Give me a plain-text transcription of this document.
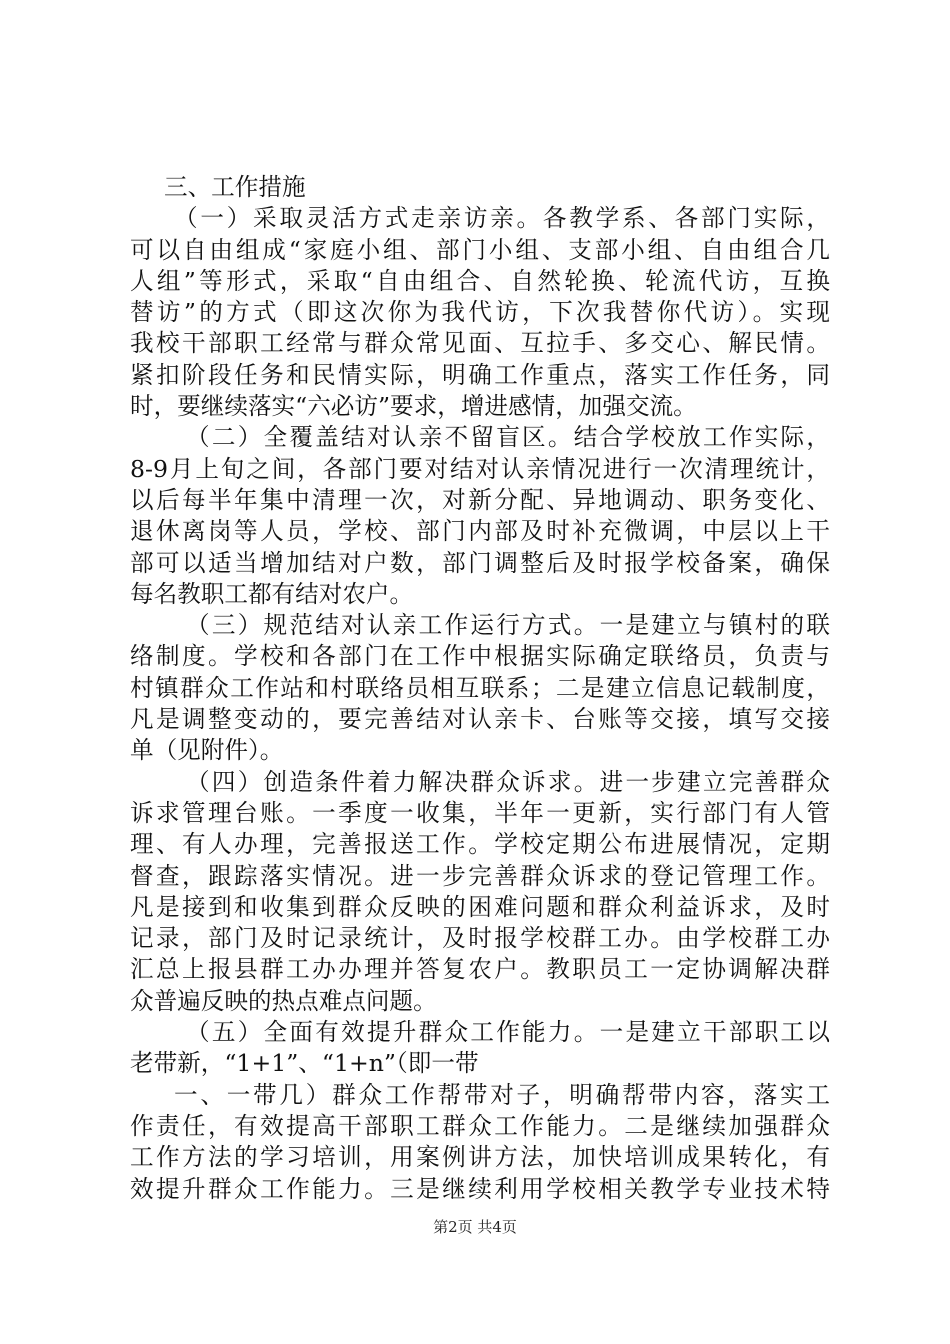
三、工作措施
（一）采取灵活方式走亲访亲。各教学系、各部门实际，
可以自由组成“家庭小组、部门小组、支部小组、自由组合几
人组”等形式，采取“自由组合、自然轮换、轮流代访，互换
替访”的方式（即这次你为我代访，下次我替你代访）。实现
我校干部职工经常与群众常见面、互拉手、多交心、解民情。
紧扣阶段任务和民情实际，明确工作重点，落实工作任务，同
时，要继续落实“六必访”要求，增进感情，加强交流。
（二）全覆盖结对认亲不留盲区。结合学校放工作实际，
8-9月上旬之间，各部门要对结对认亲情况进行一次清理统计，
以后每半年集中清理一次，对新分配、异地调动、职务变化、
退休离岗等人员，学校、部门内部及时补充微调，中层以上干
部可以适当增加结对户数，部门调整后及时报学校备案，确保
每名教职工都有结对农户。
（三）规范结对认亲工作运行方式。一是建立与镇村的联
络制度。学校和各部门在工作中根据实际确定联络员，负责与
村镇群众工作站和村联络员相互联系；二是建立信息记载制度，
凡是调整变动的，要完善结对认亲卡、台账等交接，填写交接
单（见附件）。
（四）创造条件着力解决群众诉求。进一步建立完善群众
诉求管理台账。一季度一收集，半年一更新，实行部门有人管
理、有人办理，完善报送工作。学校定期公布进展情况，定期
督查，跟踪落实情况。进一步完善群众诉求的登记管理工作。
凡是接到和收集到群众反映的困难问题和群众利益诉求，及时
记录，部门及时记录统计，及时报学校群工办。由学校群工办
汇总上报县群工办办理并答复农户。教职员工一定协调解决群
众普遍反映的热点难点问题。
（五）全面有效提升群众工作能力。一是建立干部职工以
老带新，“1+1”、“1+n”（即一带
一、一带几）群众工作帮带对子，明确帮带内容，落实工
作责任，有效提高干部职工群众工作能力。二是继续加强群众
工作方法的学习培训，用案例讲方法，加快培训成果转化，有
效提升群众工作能力。三是继续利用学校相关教学专业技术特
第2页 共4页
